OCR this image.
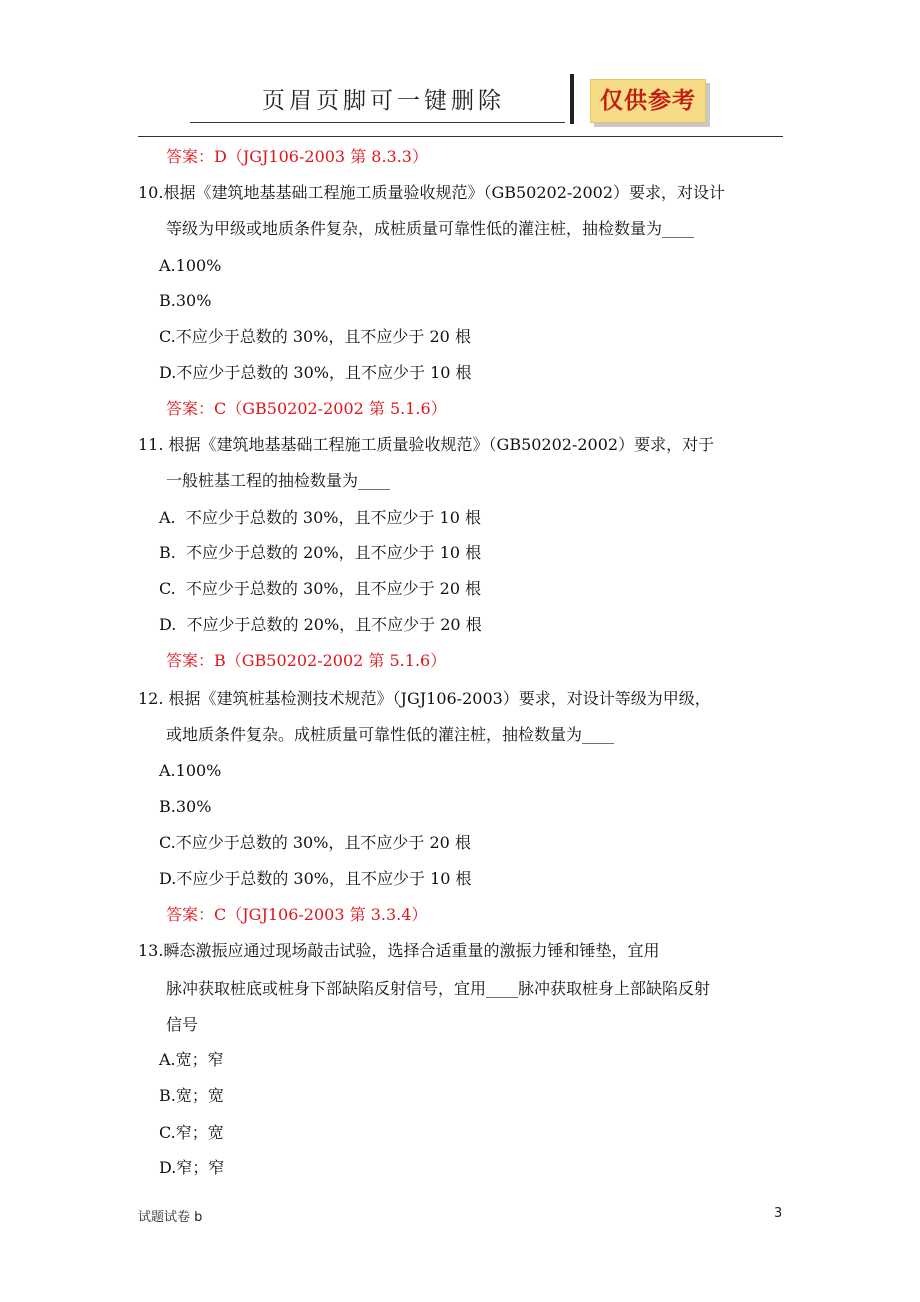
页眉页脚可一键删除	仅供参考
答案：D（JGJ106-2003 第 8.3.3）
10.根据《建筑地基基础工程施工质量验收规范》（GB50202-2002）要求，对设计
等级为甲级或地质条件复杂，成桩质量可靠性低的灌注桩，抽检数量为____
A.100%
B.30%
C.不应少于总数的 30%，且不应少于 20 根
D.不应少于总数的 30%，且不应少于 10 根
答案：C（GB50202-2002 第 5.1.6）
11. 根据《建筑地基基础工程施工质量验收规范》（GB50202-2002）要求，对于
一般桩基工程的抽检数量为____
A.  不应少于总数的 30%，且不应少于 10 根
B.  不应少于总数的 20%，且不应少于 10 根
C.  不应少于总数的 30%，且不应少于 20 根
D.  不应少于总数的 20%，且不应少于 20 根
答案：B（GB50202-2002 第 5.1.6）
12. 根据《建筑桩基检测技术规范》（JGJ106-2003）要求，对设计等级为甲级，
或地质条件复杂。成桩质量可靠性低的灌注桩，抽检数量为____
A.100%
B.30%
C.不应少于总数的 30%，且不应少于 20 根
D.不应少于总数的 30%，且不应少于 10 根
答案：C（JGJ106-2003 第 3.3.4）
13.瞬态激振应通过现场敲击试验，选择合适重量的激振力锤和锤垫，宜用
脉冲获取桩底或桩身下部缺陷反射信号，宜用____脉冲获取桩身上部缺陷反射
信号
A.宽；窄
B.宽；宽
C.窄；宽
D.窄；窄
试题试卷 b	3
